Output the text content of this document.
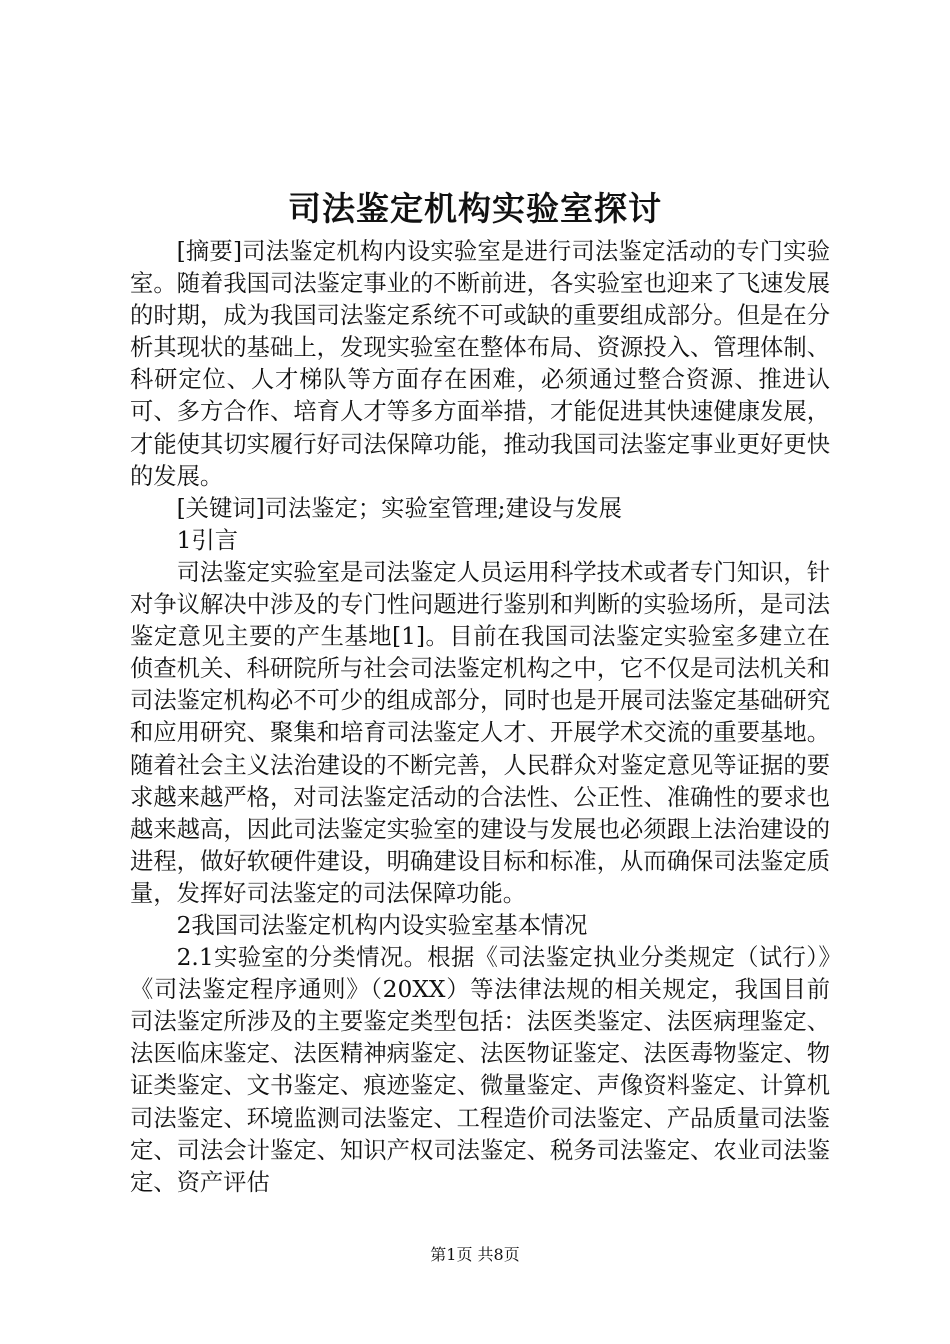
司法鉴定机构实验室探讨

[摘要]司法鉴定机构内设实验室是进行司法鉴定活动的专门实验室。随着我国司法鉴定事业的不断前进，各实验室也迎来了飞速发展的时期，成为我国司法鉴定系统不可或缺的重要组成部分。但是在分析其现状的基础上，发现实验室在整体布局、资源投入、管理体制、科研定位、人才梯队等方面存在困难，必须通过整合资源、推进认可、多方合作、培育人才等多方面举措，才能促进其快速健康发展，才能使其切实履行好司法保障功能，推动我国司法鉴定事业更好更快的发展。

[关键词]司法鉴定；实验室管理;建设与发展

1引言

司法鉴定实验室是司法鉴定人员运用科学技术或者专门知识，针对争议解决中涉及的专门性问题进行鉴别和判断的实验场所，是司法鉴定意见主要的产生基地[1]。目前在我国司法鉴定实验室多建立在侦查机关、科研院所与社会司法鉴定机构之中，它不仅是司法机关和司法鉴定机构必不可少的组成部分，同时也是开展司法鉴定基础研究和应用研究、聚集和培育司法鉴定人才、开展学术交流的重要基地。随着社会主义法治建设的不断完善，人民群众对鉴定意见等证据的要求越来越严格，对司法鉴定活动的合法性、公正性、准确性的要求也越来越高，因此司法鉴定实验室的建设与发展也必须跟上法治建设的进程，做好软硬件建设，明确建设目标和标准，从而确保司法鉴定质量，发挥好司法鉴定的司法保障功能。

2我国司法鉴定机构内设实验室基本情况

2.1实验室的分类情况。根据《司法鉴定执业分类规定（试行）》《司法鉴定程序通则》（20XX）等法律法规的相关规定，我国目前司法鉴定所涉及的主要鉴定类型包括：法医类鉴定、法医病理鉴定、法医临床鉴定、法医精神病鉴定、法医物证鉴定、法医毒物鉴定、物证类鉴定、文书鉴定、痕迹鉴定、微量鉴定、声像资料鉴定、计算机司法鉴定、环境监测司法鉴定、工程造价司法鉴定、产品质量司法鉴定、司法会计鉴定、知识产权司法鉴定、税务司法鉴定、农业司法鉴定、资产评估

第1页 共8页
